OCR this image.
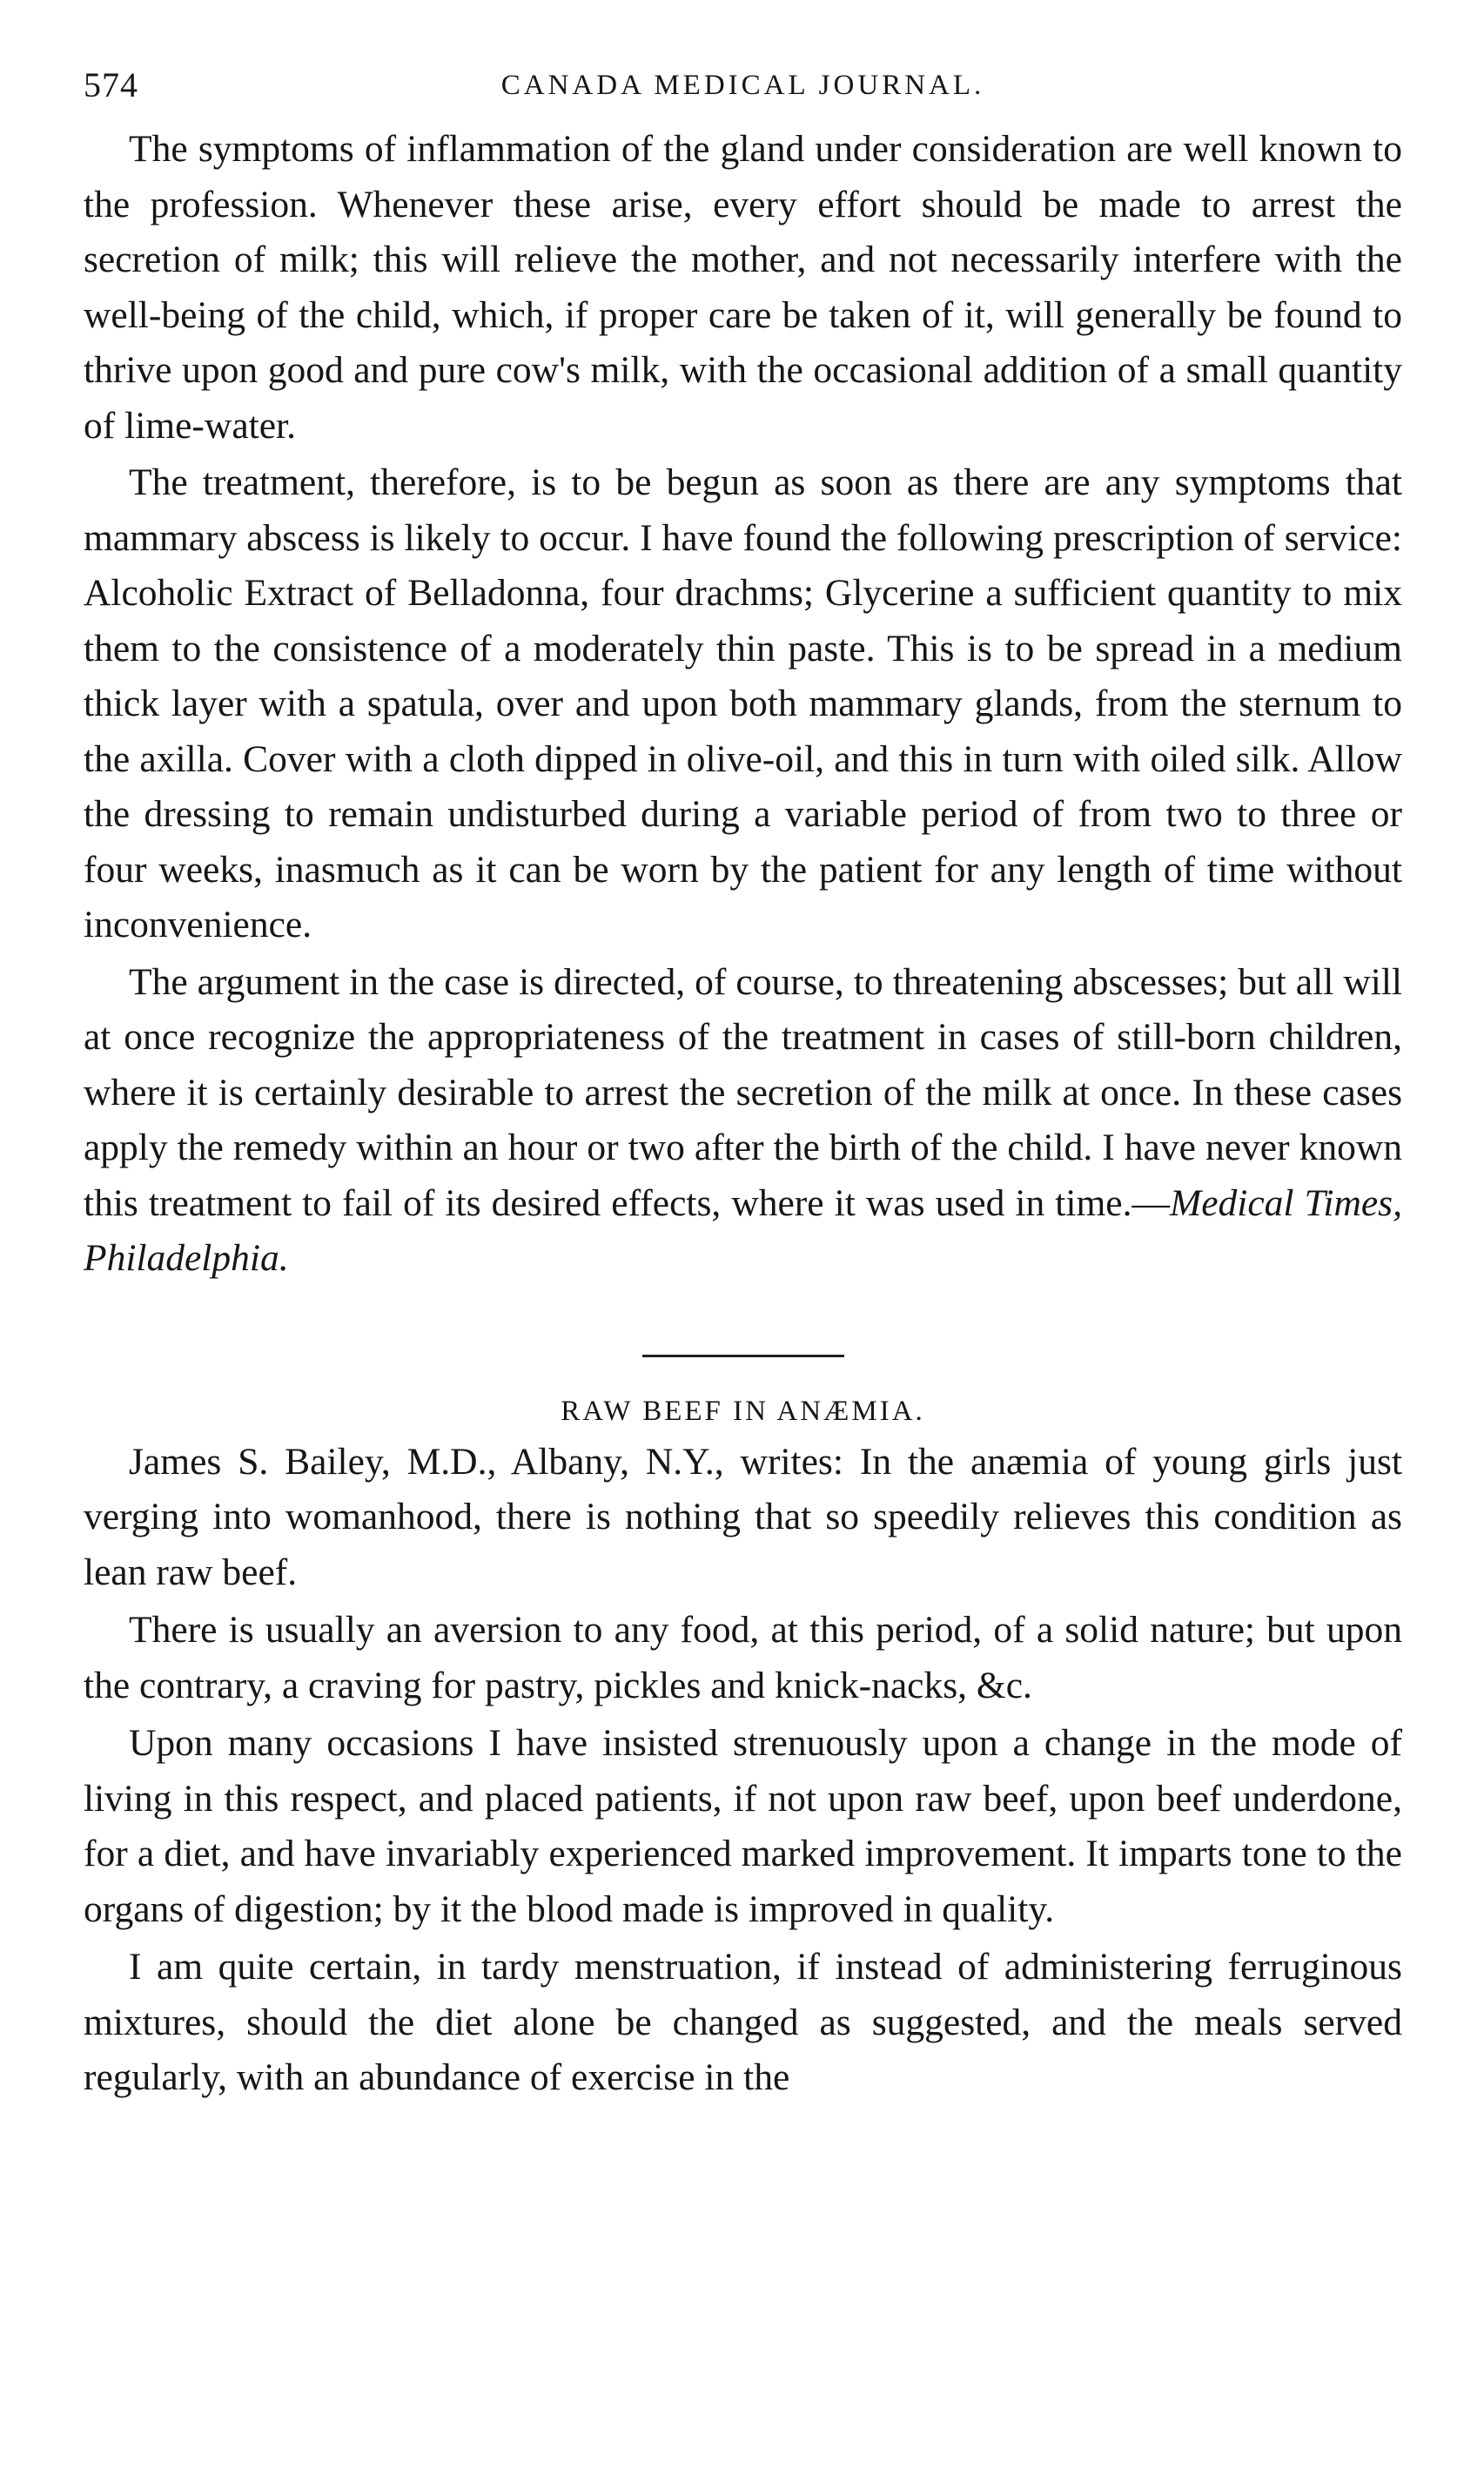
574	CANADA MEDICAL JOURNAL.

The symptoms of inflammation of the gland under consideration are well known to the profession. Whenever these arise, every effort should be made to arrest the secretion of milk; this will relieve the mother, and not necessarily interfere with the well-being of the child, which, if proper care be taken of it, will generally be found to thrive upon good and pure cow's milk, with the occasional addition of a small quantity of lime-water.

The treatment, therefore, is to be begun as soon as there are any symptoms that mammary abscess is likely to occur. I have found the following prescription of service: Alcoholic Extract of Belladonna, four drachms; Glycerine a sufficient quantity to mix them to the consistence of a moderately thin paste. This is to be spread in a medium thick layer with a spatula, over and upon both mammary glands, from the sternum to the axilla. Cover with a cloth dipped in olive-oil, and this in turn with oiled silk. Allow the dressing to remain undisturbed during a variable period of from two to three or four weeks, inasmuch as it can be worn by the patient for any length of time without inconvenience.

The argument in the case is directed, of course, to threatening abscesses; but all will at once recognize the appropriateness of the treatment in cases of still-born children, where it is certainly desirable to arrest the secretion of the milk at once. In these cases apply the remedy within an hour or two after the birth of the child. I have never known this treatment to fail of its desired effects, where it was used in time.—Medical Times, Philadelphia.

RAW BEEF IN ANÆMIA.

James S. Bailey, M.D., Albany, N.Y., writes: In the anæmia of young girls just verging into womanhood, there is nothing that so speedily relieves this condition as lean raw beef.

There is usually an aversion to any food, at this period, of a solid nature; but upon the contrary, a craving for pastry, pickles and knick-nacks, &c.

Upon many occasions I have insisted strenuously upon a change in the mode of living in this respect, and placed patients, if not upon raw beef, upon beef underdone, for a diet, and have invariably experienced marked improvement. It imparts tone to the organs of digestion; by it the blood made is improved in quality.

I am quite certain, in tardy menstruation, if instead of administering ferruginous mixtures, should the diet alone be changed as suggested, and the meals served regularly, with an abundance of exercise in the
